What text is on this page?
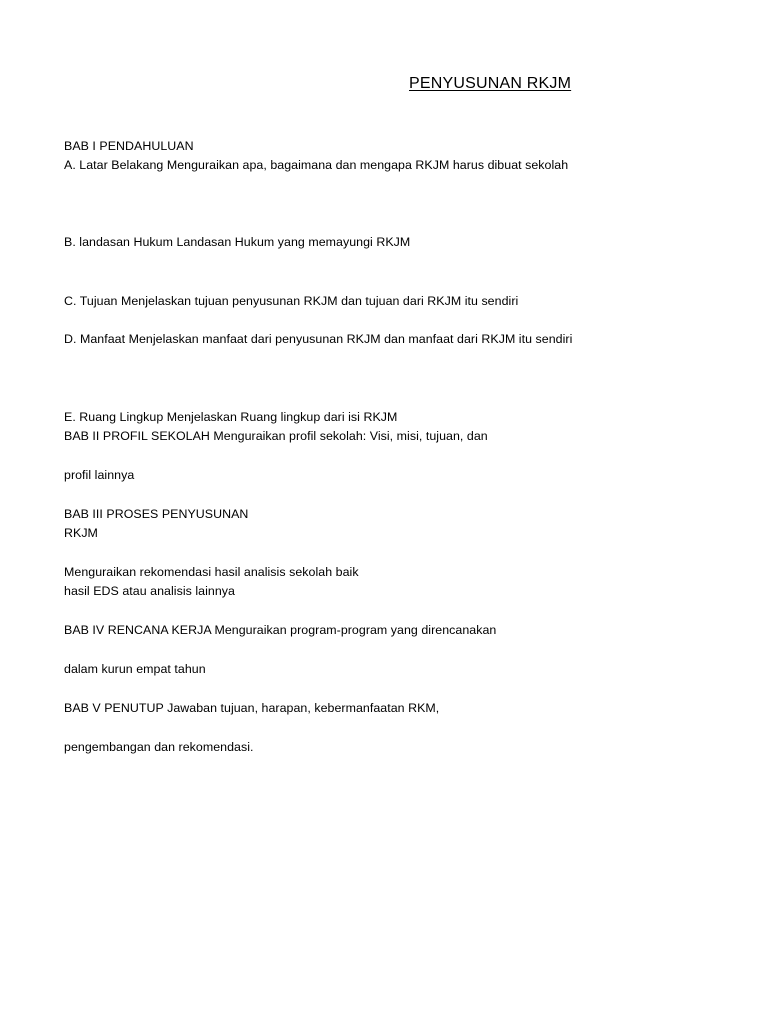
PENYUSUNAN RKJM
BAB I PENDAHULUAN
A. Latar Belakang Menguraikan apa, bagaimana dan mengapa RKJM harus dibuat sekolah
B. landasan Hukum Landasan Hukum yang memayungi RKJM
C. Tujuan Menjelaskan tujuan penyusunan RKJM dan tujuan dari RKJM itu sendiri
D. Manfaat Menjelaskan manfaat dari penyusunan RKJM dan manfaat dari RKJM itu sendiri
E. Ruang Lingkup Menjelaskan Ruang lingkup dari isi RKJM
BAB II PROFIL SEKOLAH Menguraikan profil sekolah: Visi, misi, tujuan, dan
profil lainnya
BAB III PROSES PENYUSUNAN
RKJM
Menguraikan rekomendasi hasil analisis sekolah baik
hasil EDS atau analisis lainnya
BAB IV RENCANA KERJA Menguraikan program-program yang direncanakan
dalam kurun empat tahun
BAB V PENUTUP Jawaban tujuan, harapan, kebermanfaatan RKM,
pengembangan dan rekomendasi.
